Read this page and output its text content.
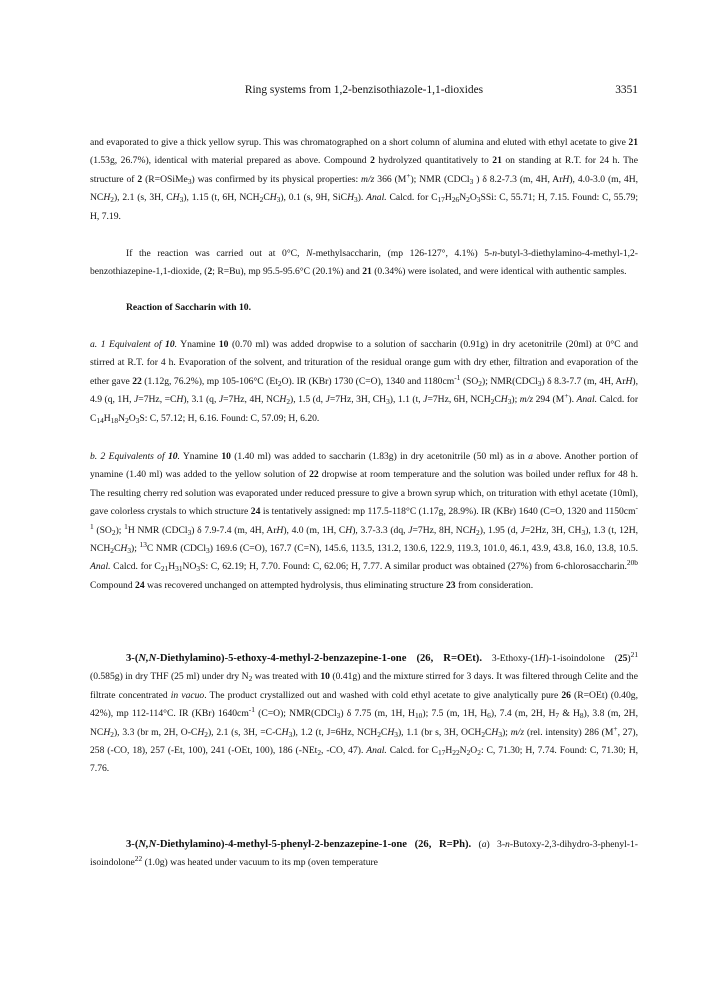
Ring systems from 1,2-benzisothiazole-1,1-dioxides	3351

and evaporated to give a thick yellow syrup. This was chromatographed on a short column of alumina and eluted with ethyl acetate to give 21 (1.53g, 26.7%), identical with material prepared as above. Compound 2 hydrolyzed quantitatively to 21 on standing at R.T. for 24 h. The structure of 2 (R=OSiMe$_3$) was confirmed by its physical properties: m/z 366 (M+); NMR (CDCl$_3$ ) δ 8.2-7.3 (m, 4H, ArH), 4.0-3.0 (m, 4H, $NCH_2$), 2.1 (s, 3H, $CH_3$), 1.15 (t, 6H, $NCH_2CH_3$), 0.1 (s, 9H, SiCH$_3$). Anal. Calcd. for $C_{17}H_{26}N_2O_3SSi$: C, 55.71; H, 7.15. Found: C, 55.79; H, 7.19.

If the reaction was carried out at 0°C, N-methylsaccharin, (mp 126-127°, 4.1%) 5-n-butyl-3-diethylamino-4-methyl-1,2-benzothiazepine-1,1-dioxide, (2; R=Bu), mp 95.5-95.6°C (20.1%) and 21 (0.34%) were isolated, and were identical with authentic samples.

Reaction of Saccharin with 10.

a. 1 Equivalent of 10. Ynamine 10 (0.70 ml) was added dropwise to a solution of saccharin (0.91g) in dry acetonitrile (20ml) at 0°C and stirred at R.T. for 4 h. Evaporation of the solvent, and trituration of the residual orange gum with dry ether, filtration and evaporation of the ether gave 22 (1.12g, 76.2%), mp 105-106°C $(Et_2O)$. IR (KBr) 1730 (C=O), 1340 and $1180cm^{-1}$ $(SO_2)$; NMR(CDCl$_3$) δ 8.3-7.7 (m, 4H, ArH), 4.9 (q, 1H, J=7Hz, =CH), 3.1 (q, J=7Hz, 4H, $NCH_2$), 1.5 (d, J=7Hz, 3H, $CH_3$), 1.1 (t, J=7Hz, 6H, $NCH_2CH_3$); m/z 294 (M+). Anal. Calcd. for $C_{14}H_{18}N_2O_3S$: C, 57.12; H, 6.16. Found: C, 57.09; H, 6.20.

b. 2 Equivalents of 10. Ynamine 10 (1.40 ml) was added to saccharin (1.83g) in dry acetonitrile (50 ml) as in a above. Another portion of ynamine (1.40 ml) was added to the yellow solution of 22 dropwise at room temperature and the solution was boiled under reflux for 48 h. The resulting cherry red solution was evaporated under reduced pressure to give a brown syrup which, on trituration with ethyl acetate (10ml), gave colorless crystals to which structure 24 is tentatively assigned: mp 117.5-118°C (1.17g, 28.9%). IR (KBr) 1640 (C=O, 1320 and $1150cm^{-1}$ $(SO_2)$; $^1$H NMR (CDCl$_3$) δ 7.9-7.4 (m, 4H, ArH), 4.0 (m, 1H, CH), 3.7-3.3 (dq, J=7Hz, 8H, $NCH_2$), 1.95 (d, J=2Hz, 3H, $CH_3$), 1.3 (t, 12H, $NCH_2CH_3$); $^{13}$C NMR (CDCl$_3$) 169.6 (C=O), 167.7 (C=N), 145.6, 113.5, 131.2, 130.6, 122.9, 119.3, 101.0, 46.1, 43.9, 43.8, 16.0, 13.8, 10.5. Anal. Calcd. for $C_{21}H_{31}NO_3S$: C, 62.19; H, 7.70. Found: C, 62.06; H, 7.77. A similar product was obtained (27%) from 6-chlorosaccharin.$^{20b}$ Compound 24 was recovered unchanged on attempted hydrolysis, thus eliminating structure 23 from consideration.

3-(N,N-Diethylamino)-5-ethoxy-4-methyl-2-benzazepine-1-one (26, R=OEt). 3-Ethoxy-(1H)-1-isoindolone $(25)^{21}$ (0.585g) in dry THF (25 ml) under dry $N_2$ was treated with 10 (0.41g) and the mixture stirred for 3 days. It was filtered through Celite and the filtrate concentrated in vacuo. The product crystallized out and washed with cold ethyl acetate to give analytically pure 26 (R=OEt) (0.40g, 42%), mp 112-114°C. IR (KBr) $1640cm^{-1}$ (C=O); NMR(CDCl$_3$) δ 7.75 (m, 1H, $H_{10}$); 7.5 (m, 1H, $H_6$), 7.4 (m, 2H, $H_7$ & $H_8$), 3.8 (m, 2H, $NCH_2$), 3.3 (br m, 2H, $O-CH_2$), 2.1 (s, 3H, $=C-CH_3$), 1.2 (t, J=6Hz, $NCH_2CH_3$), 1.1 (br s, 3H, $OCH_2CH_3$); m/z (rel. intensity) 286 (M+, 27), 258 (-CO, 18), 257 (-Et, 100), 241 (-OEt, 100), 186 (-NEt$_2$, -CO, 47). Anal. Calcd. for $C_{17}H_{22}N_2O_2$: C, 71.30; H, 7.74. Found: C, 71.30; H, 7.76.

3-(N,N-Diethylamino)-4-methyl-5-phenyl-2-benzazepine-1-one (26, R=Ph). (a) 3-n-Butoxy-2,3-dihydro-3-phenyl-1-isoindolone$^{22}$ (1.0g) was heated under vacuum to its mp (oven temperature
